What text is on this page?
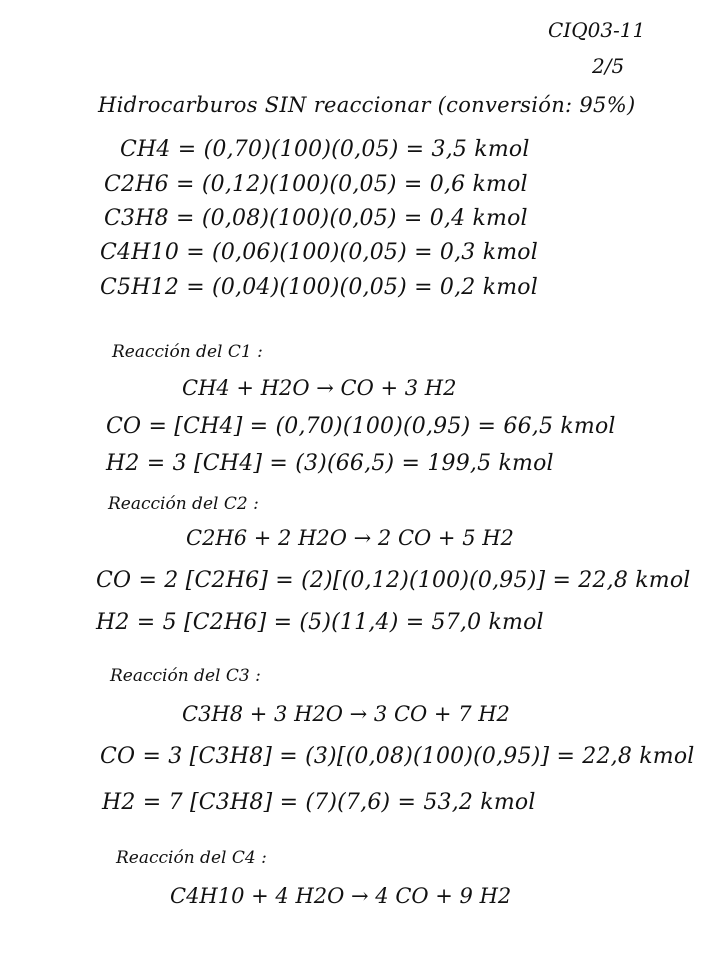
CIQ03-11
2/5
Hidrocarburos SIN reaccionar (conversión: 95%)
CH4 = (0,70)(100)(0,05) = 3,5 kmol
C2H6 = (0,12)(100)(0,05) = 0,6 kmol
C3H8 = (0,08)(100)(0,05) = 0,4 kmol
C4H10 = (0,06)(100)(0,05) = 0,3 kmol
C5H12 = (0,04)(100)(0,05) = 0,2 kmol
Reacción del C1 :
CH4 + H2O → CO + 3 H2
CO = [CH4] = (0,70)(100)(0,95) = 66,5 kmol
H2 = 3 [CH4] = (3)(66,5) = 199,5 kmol
Reacción del C2 :
C2H6 + 2 H2O → 2 CO + 5 H2
CO = 2 [C2H6] = (2)[(0,12)(100)(0,95)] = 22,8 kmol
H2 = 5 [C2H6] = (5)(11,4) = 57,0 kmol
Reacción del C3 :
C3H8 + 3 H2O → 3 CO + 7 H2
CO = 3 [C3H8] = (3)[(0,08)(100)(0,95)] = 22,8 kmol
H2 = 7 [C3H8] = (7)(7,6) = 53,2 kmol
Reacción del C4 :
C4H10 + 4 H2O → 4 CO + 9 H2
